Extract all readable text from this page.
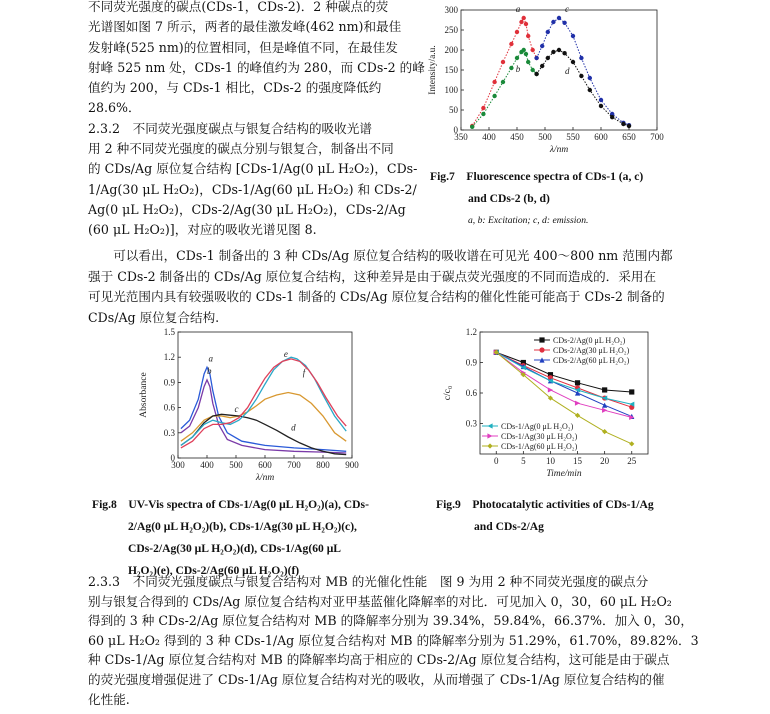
不同荧光强度的碳点(CDs-1，CDs-2)．2 种碳点的荧
光谱图如图 7 所示，两者的最佳激发峰(462 nm)和最佳
发射峰(525 nm)的位置相同，但是峰值不同，在最佳发
射峰 525 nm 处，CDs-1 的峰值约为 280，而 CDs-2 的峰
值约为 200，与 CDs-1 相比，CDs-2 的强度降低约
28.6%．
2.3.2　不同荧光强度碳点与银复合结构的吸收光谱
用 2 种不同荧光强度的碳点分别与银复合，制备出不同
的 CDs/Ag 原位复合结构 [CDs-1/Ag(0 μL H₂O₂)，CDs-
1/Ag(30 μL H₂O₂)，CDs-1/Ag(60 μL H₂O₂) 和 CDs-2/
Ag(0 μL H₂O₂)，CDs-2/Ag(30 μL H₂O₂)，CDs-2/Ag
(60 μL H₂O₂)]，对应的吸收光谱见图 8.
350 400 450 500 550 600 650 700
0
50
100
150
200
250
300
λ/nm
Intensity/a.u.
a
b
c
d
Fig.7　Fluorescence spectra of CDs-1 (a, c)
and CDs-2 (b, d)
a, b: Excitation; c, d: emission.
　　可以看出，CDs-1 制备出的 3 种 CDs/Ag 原位复合结构的吸收谱在可见光 400～800 nm 范围内都
强于 CDs-2 制备出的 CDs/Ag 原位复合结构，这种差异是由于碳点荧光强度的不同而造成的．采用在
可见光范围内具有较强吸收的 CDs-1 制备的 CDs/Ag 原位复合结构的催化性能可能高于 CDs-2 制备的
CDs/Ag 原位复合结构.
300 400 500 600 700 800 900
0
0.3
0.6
0.9
1.2
1.5
λ/nm
Absorbance
a
b
c
d
e
f
Fig.8　UV-Vis spectra of CDs-1/Ag(0 μL H₂O₂)(a), CDs-
2/Ag(0 μL H₂O₂)(b), CDs-1/Ag(30 μL H₂O₂)(c),
CDs-2/Ag(30 μL H₂O₂)(d), CDs-1/Ag(60 μL
H₂O₂)(e), CDs-2/Ag(60 μL H₂O₂)(f)
0	5 10 15 20 25
0.3
0.6
0.9
1.2
Time/min
c/c₀
CDs-2/Ag(0 μL H₂O₂)
CDs-2/Ag(30 μL H₂O₂)
CDs-2/Ag(60 μL H₂O₂)
CDs-1/Ag(0 μL H₂O₂)
CDs-1/Ag(30 μL H₂O₂)
CDs-1/Ag(60 μL H₂O₂)
Fig.9　Photocatalytic activities of CDs-1/Ag
and CDs-2/Ag
2.3.3　不同荧光强度碳点与银复合结构对 MB 的光催化性能　图 9 为用 2 种不同荧光强度的碳点分
别与银复合得到的 CDs/Ag 原位复合结构对亚甲基蓝催化降解率的对比．可见加入 0，30，60 μL H₂O₂
得到的 3 种 CDs-2/Ag 原位复合结构对 MB 的降解率分别为 39.34%，59.84%，66.37%．加入 0，30，
60 μL H₂O₂ 得到的 3 种 CDs-1/Ag 原位复合结构对 MB 的降解率分别为 51.29%，61.70%，89.82%．3
种 CDs-1/Ag 原位复合结构对 MB 的降解率均高于相应的 CDs-2/Ag 原位复合结构，这可能是由于碳点
的荧光强度增强促进了 CDs-1/Ag 原位复合结构对光的吸收，从而增强了 CDs-1/Ag 原位复合结构的催
化性能.
